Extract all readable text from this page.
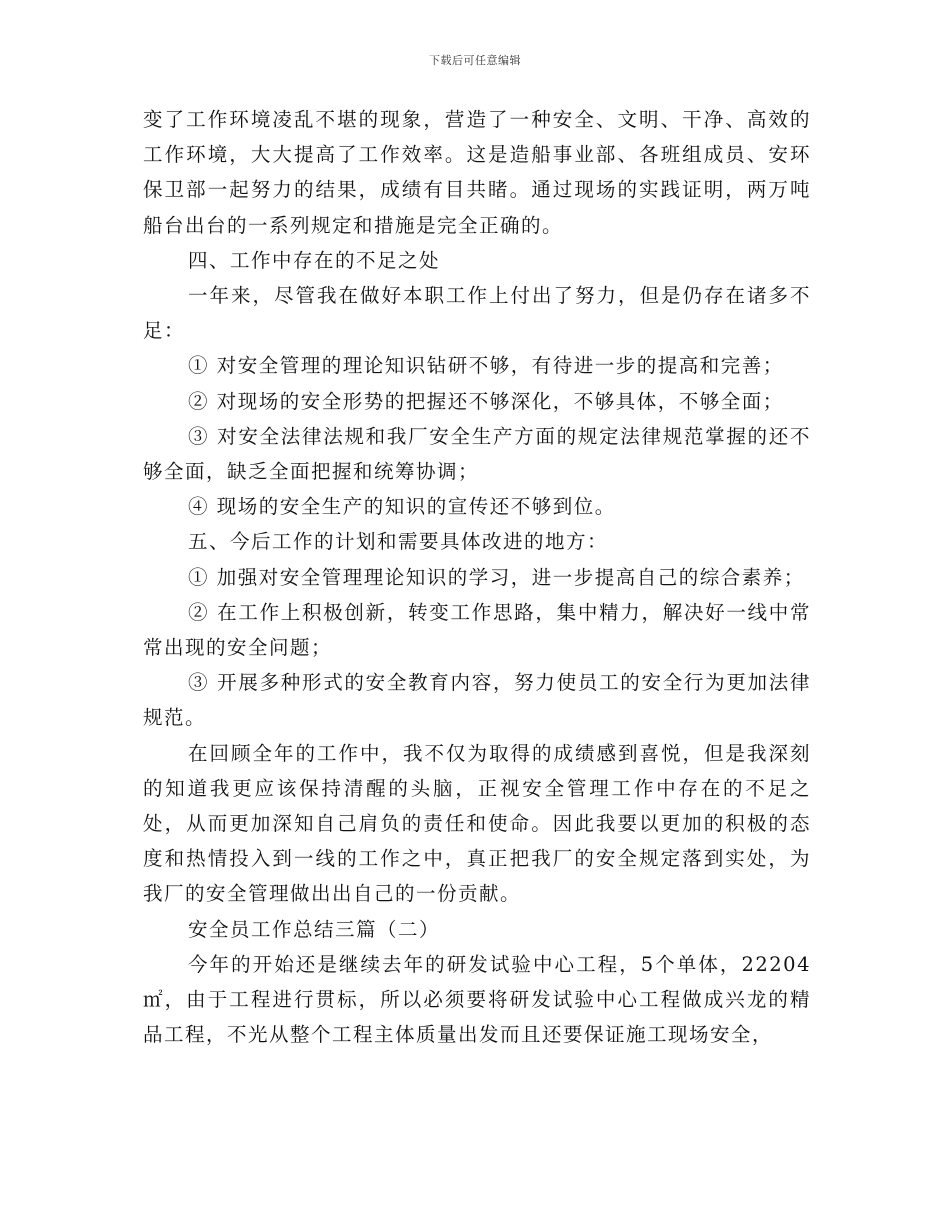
下载后可任意编辑

变了工作环境凌乱不堪的现象，营造了一种安全、文明、干净、高效的工作环境，大大提高了工作效率。这是造船事业部、各班组成员、安环保卫部一起努力的结果，成绩有目共睹。通过现场的实践证明，两万吨船台出台的一系列规定和措施是完全正确的。

四、工作中存在的不足之处

一年来，尽管我在做好本职工作上付出了努力，但是仍存在诸多不足：

① 对安全管理的理论知识钻研不够，有待进一步的提高和完善；

② 对现场的安全形势的把握还不够深化，不够具体，不够全面；

③ 对安全法律法规和我厂安全生产方面的规定法律规范掌握的还不够全面，缺乏全面把握和统筹协调；

④ 现场的安全生产的知识的宣传还不够到位。

五、今后工作的计划和需要具体改进的地方：

① 加强对安全管理理论知识的学习，进一步提高自己的综合素养；

② 在工作上积极创新，转变工作思路，集中精力，解决好一线中常常出现的安全问题；

③ 开展多种形式的安全教育内容，努力使员工的安全行为更加法律规范。

在回顾全年的工作中，我不仅为取得的成绩感到喜悦，但是我深刻的知道我更应该保持清醒的头脑，正视安全管理工作中存在的不足之处，从而更加深知自己肩负的责任和使命。因此我要以更加的积极的态度和热情投入到一线的工作之中，真正把我厂的安全规定落到实处，为我厂的安全管理做出出自己的一份贡献。

安全员工作总结三篇（二）

今年的开始还是继续去年的研发试验中心工程，5个单体，22204㎡，由于工程进行贯标，所以必须要将研发试验中心工程做成兴龙的精品工程，不光从整个工程主体质量出发而且还要保证施工现场安全，
